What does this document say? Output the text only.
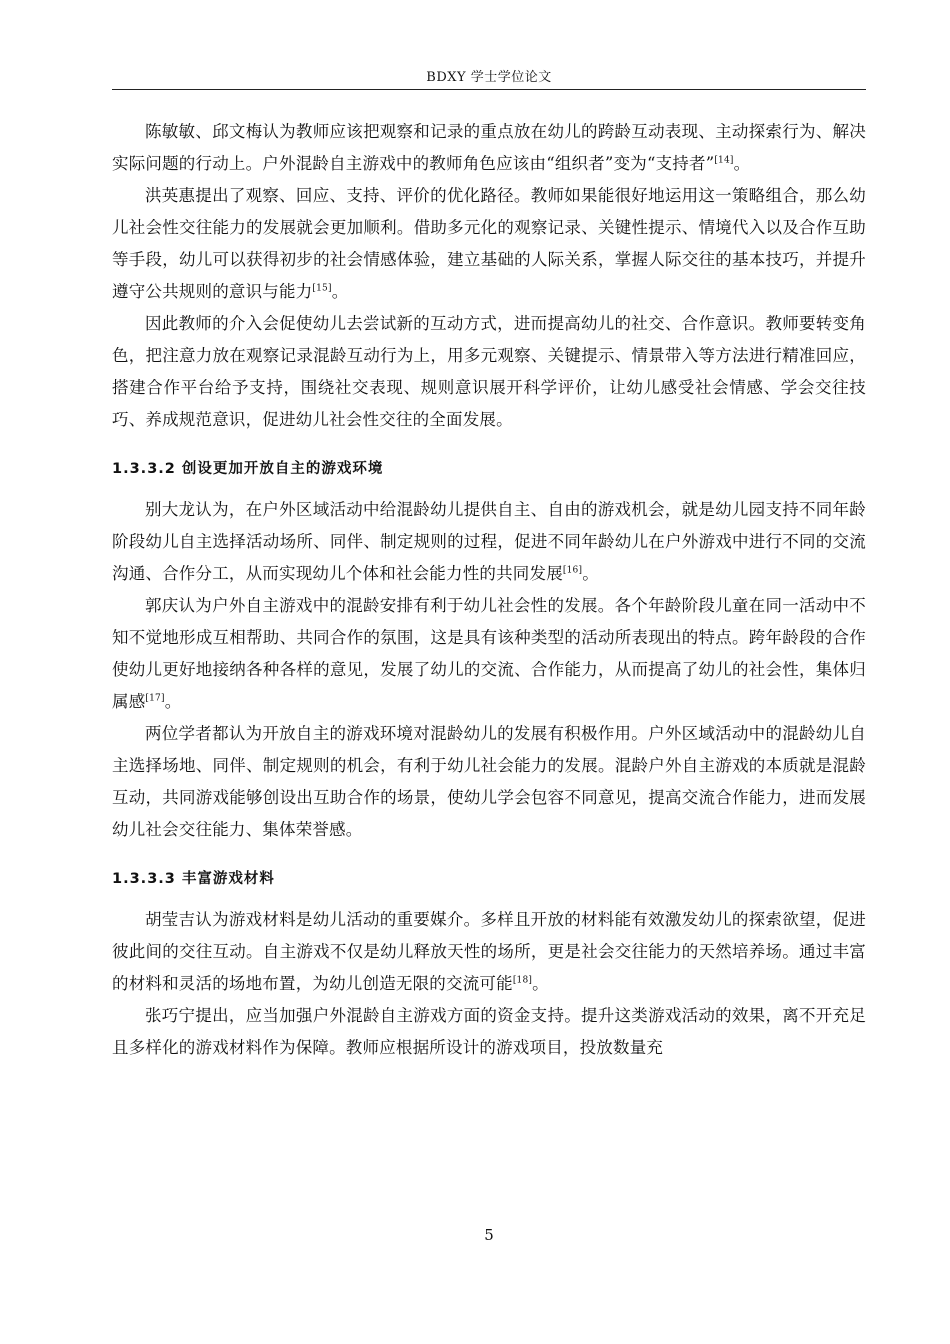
BDXY 学士学位论文

陈敏敏、邱文梅认为教师应该把观察和记录的重点放在幼儿的跨龄互动表现、主动探索行为、解决实际问题的行动上。户外混龄自主游戏中的教师角色应该由“组织者”变为“支持者”[14]。

洪英惠提出了观察、回应、支持、评价的优化路径。教师如果能很好地运用这一策略组合，那么幼儿社会性交往能力的发展就会更加顺利。借助多元化的观察记录、关键性提示、情境代入以及合作互助等手段，幼儿可以获得初步的社会情感体验，建立基础的人际关系，掌握人际交往的基本技巧，并提升遵守公共规则的意识与能力[15]。

因此教师的介入会促使幼儿去尝试新的互动方式，进而提高幼儿的社交、合作意识。教师要转变角色，把注意力放在观察记录混龄互动行为上，用多元观察、关键提示、情景带入等方法进行精准回应，搭建合作平台给予支持，围绕社交表现、规则意识展开科学评价，让幼儿感受社会情感、学会交往技巧、养成规范意识，促进幼儿社会性交往的全面发展。

1.3.3.2 创设更加开放自主的游戏环境

别大龙认为，在户外区域活动中给混龄幼儿提供自主、自由的游戏机会，就是幼儿园支持不同年龄阶段幼儿自主选择活动场所、同伴、制定规则的过程，促进不同年龄幼儿在户外游戏中进行不同的交流沟通、合作分工，从而实现幼儿个体和社会能力性的共同发展[16]。

郭庆认为户外自主游戏中的混龄安排有利于幼儿社会性的发展。各个年龄阶段儿童在同一活动中不知不觉地形成互相帮助、共同合作的氛围，这是具有该种类型的活动所表现出的特点。跨年龄段的合作使幼儿更好地接纳各种各样的意见，发展了幼儿的交流、合作能力，从而提高了幼儿的社会性，集体归属感[17]。

两位学者都认为开放自主的游戏环境对混龄幼儿的发展有积极作用。户外区域活动中的混龄幼儿自主选择场地、同伴、制定规则的机会，有利于幼儿社会能力的发展。混龄户外自主游戏的本质就是混龄互动，共同游戏能够创设出互助合作的场景，使幼儿学会包容不同意见，提高交流合作能力，进而发展幼儿社会交往能力、集体荣誉感。

1.3.3.3 丰富游戏材料

胡莹吉认为游戏材料是幼儿活动的重要媒介。多样且开放的材料能有效激发幼儿的探索欲望，促进彼此间的交往互动。自主游戏不仅是幼儿释放天性的场所，更是社会交往能力的天然培养场。通过丰富的材料和灵活的场地布置，为幼儿创造无限的交流可能[18]。

张巧宁提出，应当加强户外混龄自主游戏方面的资金支持。提升这类游戏活动的效果，离不开充足且多样化的游戏材料作为保障。教师应根据所设计的游戏项目，投放数量充

5
